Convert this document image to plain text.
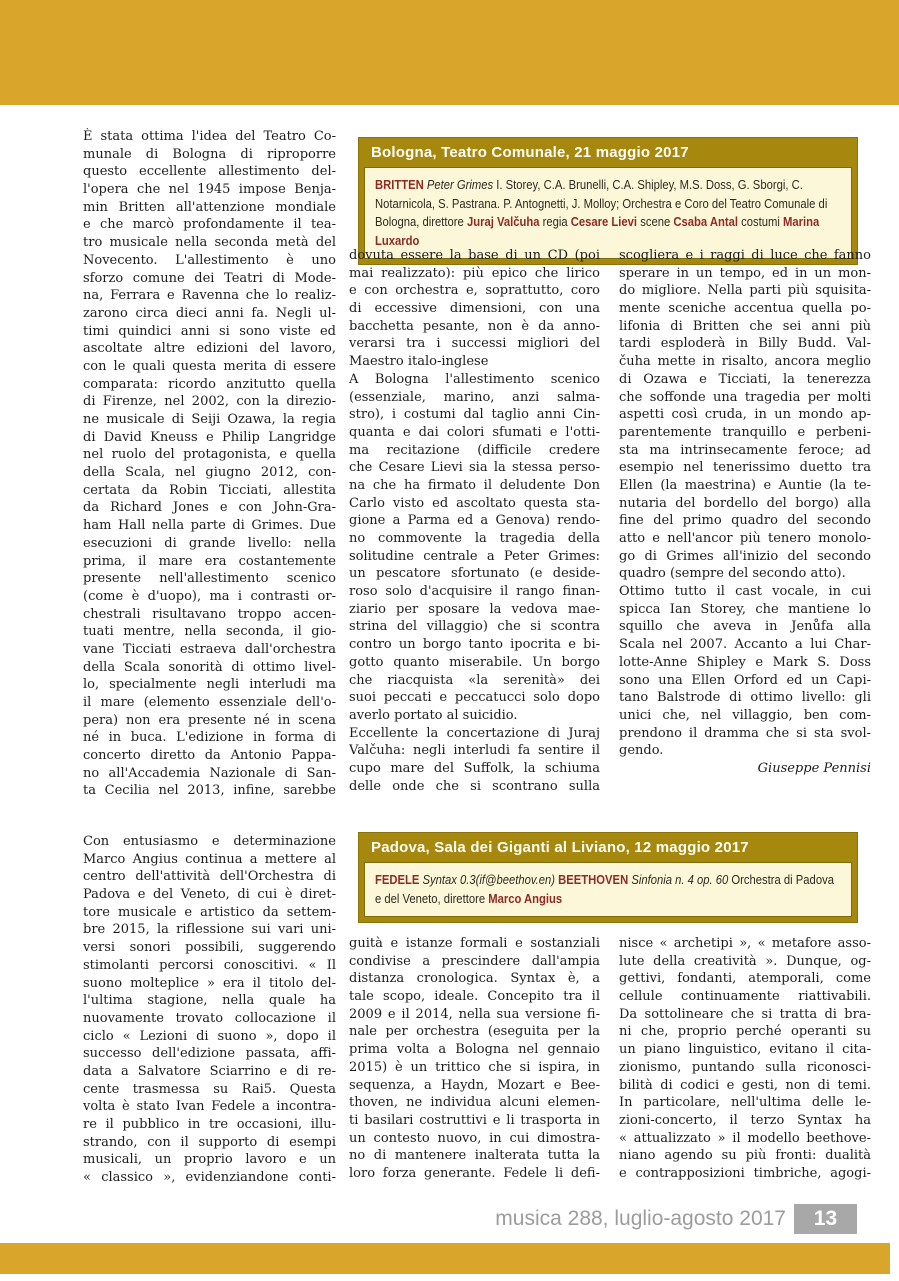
Bologna, Teatro Comunale, 21 maggio 2017
BRITTEN Peter Grimes I. Storey, C.A. Brunelli, C.A. Shipley, M.S. Doss, G. Sborgi, C. Notarnicola, S. Pastrana. P. Antognetti, J. Molloy; Orchestra e Coro del Teatro Comunale di Bologna, direttore Juraj Valčuha regia Cesare Lievi scene Csaba Antal costumi Marina Luxardo
È stata ottima l'idea del Teatro Co-
munale di Bologna di riproporre
questo eccellente allestimento del-
l'opera che nel 1945 impose Benja-
min Britten all'attenzione mondiale
e che marcò profondamente il tea-
tro musicale nella seconda metà del
Novecento. L'allestimento è uno
sforzo comune dei Teatri di Mode-
na, Ferrara e Ravenna che lo realiz-
zarono circa dieci anni fa. Negli ul-
timi quindici anni si sono viste ed
ascoltate altre edizioni del lavoro,
con le quali questa merita di essere
comparata: ricordo anzitutto quella
di Firenze, nel 2002, con la direzio-
ne musicale di Seiji Ozawa, la regia
di David Kneuss e Philip Langridge
nel ruolo del protagonista, e quella
della Scala, nel giugno 2012, con-
certata da Robin Ticciati, allestita
da Richard Jones e con John-Gra-
ham Hall nella parte di Grimes. Due
esecuzioni di grande livello: nella
prima, il mare era costantemente
presente nell'allestimento scenico
(come è d'uopo), ma i contrasti or-
chestrali risultavano troppo accen-
tuati mentre, nella seconda, il gio-
vane Ticciati estraeva dall'orchestra
della Scala sonorità di ottimo livel-
lo, specialmente negli interludi ma
il mare (elemento essenziale dell'o-
pera) non era presente né in scena
né in buca. L'edizione in forma di
concerto diretto da Antonio Pappa-
no all'Accademia Nazionale di San-
ta Cecilia nel 2013, infine, sarebbe
dovuta essere la base di un CD (poi
mai realizzato): più epico che lirico
e con orchestra e, soprattutto, coro
di eccessive dimensioni, con una
bacchetta pesante, non è da anno-
verarsi tra i successi migliori del
Maestro italo-inglese
A Bologna l'allestimento scenico
(essenziale, marino, anzi salma-
stro), i costumi dal taglio anni Cin-
quanta e dai colori sfumati e l'otti-
ma recitazione (difficile credere
che Cesare Lievi sia la stessa perso-
na che ha firmato il deludente Don
Carlo visto ed ascoltato questa sta-
gione a Parma ed a Genova) rendo-
no commovente la tragedia della
solitudine centrale a Peter Grimes:
un pescatore sfortunato (e deside-
roso solo d'acquisire il rango finan-
ziario per sposare la vedova mae-
strina del villaggio) che si scontra
contro un borgo tanto ipocrita e bi-
gotto quanto miserabile. Un borgo
che riacquista «la serenità» dei
suoi peccati e peccatucci solo dopo
averlo portato al suicidio.
Eccellente la concertazione di Juraj
Valčuha: negli interludi fa sentire il
cupo mare del Suffolk, la schiuma
delle onde che si scontrano sulla
scogliera e i raggi di luce che fanno
sperare in un tempo, ed in un mon-
do migliore. Nella parti più squisita-
mente sceniche accentua quella po-
lifonia di Britten che sei anni più
tardi esploderà in Billy Budd. Val-
čuha mette in risalto, ancora meglio
di Ozawa e Ticciati, la tenerezza
che soffonde una tragedia per molti
aspetti così cruda, in un mondo ap-
parentemente tranquillo e perbeni-
sta ma intrinsecamente feroce; ad
esempio nel tenerissimo duetto tra
Ellen (la maestrina) e Auntie (la te-
nutaria del bordello del borgo) alla
fine del primo quadro del secondo
atto e nell'ancor più tenero monolo-
go di Grimes all'inizio del secondo
quadro (sempre del secondo atto).
Ottimo tutto il cast vocale, in cui
spicca Ian Storey, che mantiene lo
squillo che aveva in Jenůfa alla
Scala nel 2007. Accanto a lui Char-
lotte-Anne Shipley e Mark S. Doss
sono una Ellen Orford ed un Capi-
tano Balstrode di ottimo livello: gli
unici che, nel villaggio, ben com-
prendono il dramma che si sta svol-
gendo.
Giuseppe Pennisi
Padova, Sala dei Giganti al Liviano, 12 maggio 2017
FEDELE Syntax 0.3(if@beethov.en) BEETHOVEN Sinfonia n. 4 op. 60 Orchestra di Padova e del Veneto, direttore Marco Angius
Con entusiasmo e determinazione
Marco Angius continua a mettere al
centro dell'attività dell'Orchestra di
Padova e del Veneto, di cui è diret-
tore musicale e artistico da settem-
bre 2015, la riflessione sui vari uni-
versi sonori possibili, suggerendo
stimolanti percorsi conoscitivi. « Il
suono molteplice » era il titolo del-
l'ultima stagione, nella quale ha
nuovamente trovato collocazione il
ciclo « Lezioni di suono », dopo il
successo dell'edizione passata, affi-
data a Salvatore Sciarrino e di re-
cente trasmessa su Rai5. Questa
volta è stato Ivan Fedele a incontra-
re il pubblico in tre occasioni, illu-
strando, con il supporto di esempi
musicali, un proprio lavoro e un
« classico », evidenziandone conti-
guità e istanze formali e sostanziali
condivise a prescindere dall'ampia
distanza cronologica. Syntax è, a
tale scopo, ideale. Concepito tra il
2009 e il 2014, nella sua versione fi-
nale per orchestra (eseguita per la
prima volta a Bologna nel gennaio
2015) è un trittico che si ispira, in
sequenza, a Haydn, Mozart e Bee-
thoven, ne individua alcuni elemen-
ti basilari costruttivi e li trasporta in
un contesto nuovo, in cui dimostra-
no di mantenere inalterata tutta la
loro forza generante. Fedele li defi-
nisce « archetipi », « metafore asso-
lute della creatività ». Dunque, og-
gettivi, fondanti, atemporali, come
cellule continuamente riattivabili.
Da sottolineare che si tratta di bra-
ni che, proprio perché operanti su
un piano linguistico, evitano il cita-
zionismo, puntando sulla riconosci-
bilità di codici e gesti, non di temi.
In particolare, nell'ultima delle le-
zioni-concerto, il terzo Syntax ha
« attualizzato » il modello beethove-
niano agendo su più fronti: dualità
e contrapposizioni timbriche, agogi-
musica 288, luglio-agosto 2017	13
